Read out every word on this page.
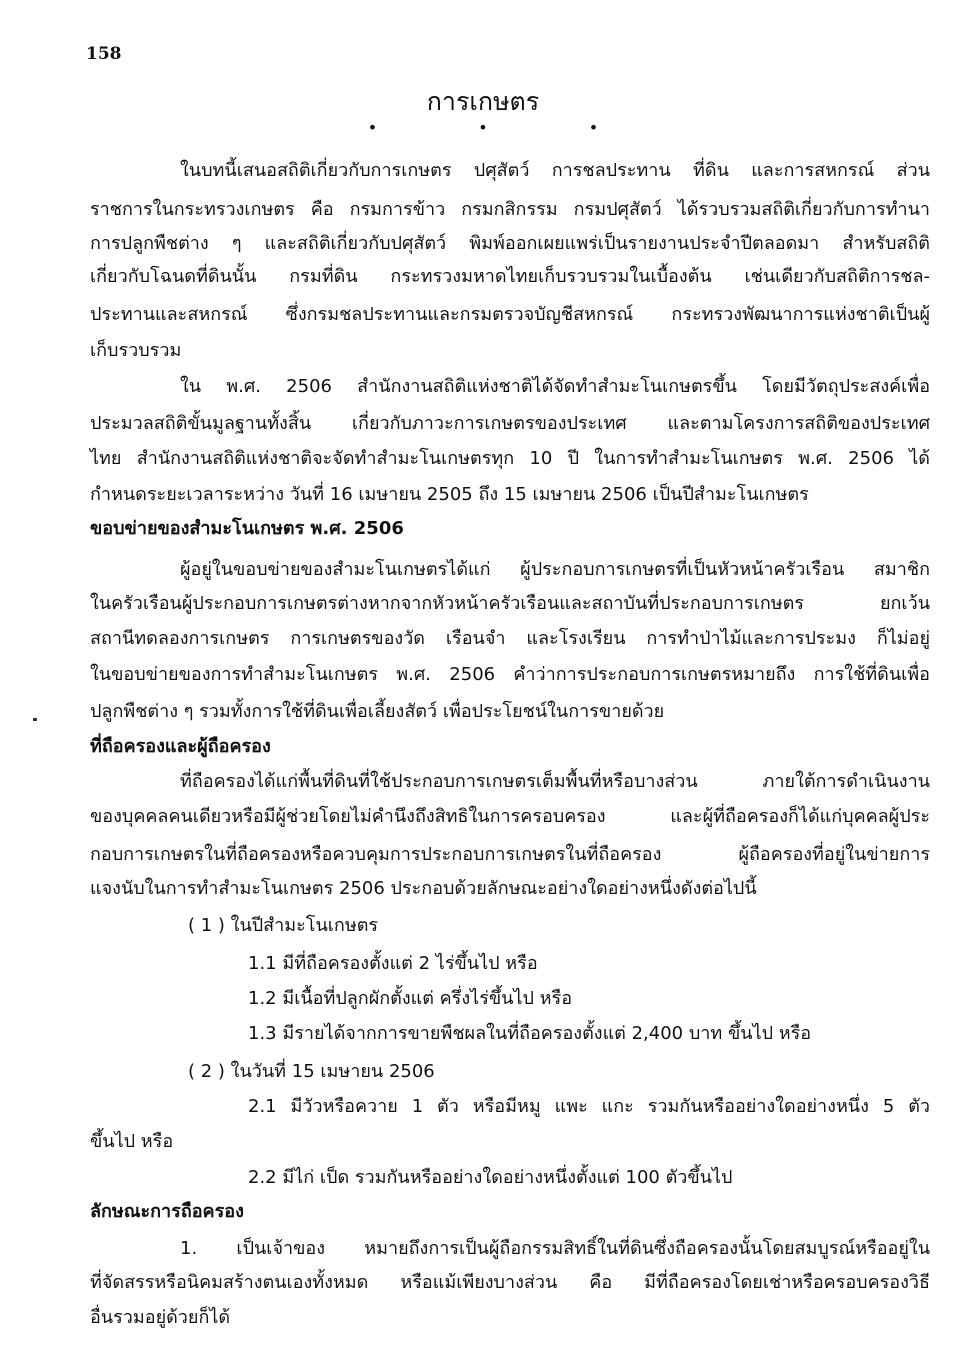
158
การเกษตร
• • •
ในบทนี้เสนอสถิติเกี่ยวกับการเกษตร ปศุสัตว์ การชลประทาน ที่ดิน และการสหกรณ์ ส่วน
ราชการในกระทรวงเกษตร คือ กรมการข้าว กรมกสิกรรม กรมปศุสัตว์ ได้รวบรวมสถิติเกี่ยวกับการทำนา
การปลูกพืชต่าง ๆ และสถิติเกี่ยวกับปศุสัตว์ พิมพ์ออกเผยแพร่เป็นรายงานประจำปีตลอดมา สำหรับสถิติ
เกี่ยวกับโฉนดที่ดินนั้น กรมที่ดิน กระทรวงมหาดไทยเก็บรวบรวมในเบื้องต้น เช่นเดียวกับสถิติการชล-
ประทานและสหกรณ์ ซึ่งกรมชลประทานและกรมตรวจบัญชีสหกรณ์ กระทรวงพัฒนาการแห่งชาติเป็นผู้
เก็บรวบรวม
ใน พ.ศ. 2506 สำนักงานสถิติแห่งชาติได้จัดทำสำมะโนเกษตรขึ้น โดยมีวัตถุประสงค์เพื่อ
ประมวลสถิติขั้นมูลฐานทั้งสิ้น เกี่ยวกับภาวะการเกษตรของประเทศ และตามโครงการสถิติของประเทศ
ไทย สำนักงานสถิติแห่งชาติจะจัดทำสำมะโนเกษตรทุก 10 ปี ในการทำสำมะโนเกษตร พ.ศ. 2506 ได้
กำหนดระยะเวลาระหว่าง วันที่ 16 เมษายน 2505 ถึง 15 เมษายน 2506 เป็นปีสำมะโนเกษตร
ขอบข่ายของสำมะโนเกษตร พ.ศ. 2506
ผู้อยู่ในขอบข่ายของสำมะโนเกษตรได้แก่ ผู้ประกอบการเกษตรที่เป็นหัวหน้าครัวเรือน สมาชิก
ในครัวเรือนผู้ประกอบการเกษตรต่างหากจากหัวหน้าครัวเรือนและสถาบันที่ประกอบการเกษตร ยกเว้น
สถานีทดลองการเกษตร การเกษตรของวัด เรือนจำ และโรงเรียน การทำป่าไม้และการประมง ก็ไม่อยู่
ในขอบข่ายของการทำสำมะโนเกษตร พ.ศ. 2506 คำว่าการประกอบการเกษตรหมายถึง การใช้ที่ดินเพื่อ
ปลูกพืชต่าง ๆ รวมทั้งการใช้ที่ดินเพื่อเลี้ยงสัตว์ เพื่อประโยชน์ในการขายด้วย
ที่ถือครองและผู้ถือครอง
ที่ถือครองได้แก่พื้นที่ดินที่ใช้ประกอบการเกษตรเต็มพื้นที่หรือบางส่วน ภายใต้การดำเนินงาน
ของบุคคลคนเดียวหรือมีผู้ช่วยโดยไม่คำนึงถึงสิทธิในการครอบครอง และผู้ที่ถือครองก็ได้แก่บุคคลผู้ประ
กอบการเกษตรในที่ถือครองหรือควบคุมการประกอบการเกษตรในที่ถือครอง ผู้ถือครองที่อยู่ในข่ายการ
แจงนับในการทำสำมะโนเกษตร 2506 ประกอบด้วยลักษณะอย่างใดอย่างหนึ่งดังต่อไปนี้
( 1 ) ในปีสำมะโนเกษตร
1.1 มีที่ถือครองตั้งแต่ 2 ไร่ขึ้นไป หรือ
1.2 มีเนื้อที่ปลูกผักตั้งแต่ ครึ่งไร่ขึ้นไป หรือ
1.3 มีรายได้จากการขายพืชผลในที่ถือครองตั้งแต่ 2,400 บาท ขึ้นไป หรือ
( 2 ) ในวันที่ 15 เมษายน 2506
2.1 มีวัวหรือควาย 1 ตัว หรือมีหมู แพะ แกะ รวมกันหรืออย่างใดอย่างหนึ่ง 5 ตัว
ขึ้นไป หรือ
2.2 มีไก่ เป็ด รวมกันหรืออย่างใดอย่างหนึ่งตั้งแต่ 100 ตัวขึ้นไป
ลักษณะการถือครอง
1. เป็นเจ้าของ หมายถึงการเป็นผู้ถือกรรมสิทธิ์ในที่ดินซึ่งถือครองนั้นโดยสมบูรณ์หรืออยู่ใน
ที่จัดสรรหรือนิคมสร้างตนเองทั้งหมด หรือแม้เพียงบางส่วน คือ มีที่ถือครองโดยเช่าหรือครอบครองวิธี
อื่นรวมอยู่ด้วยก็ได้
